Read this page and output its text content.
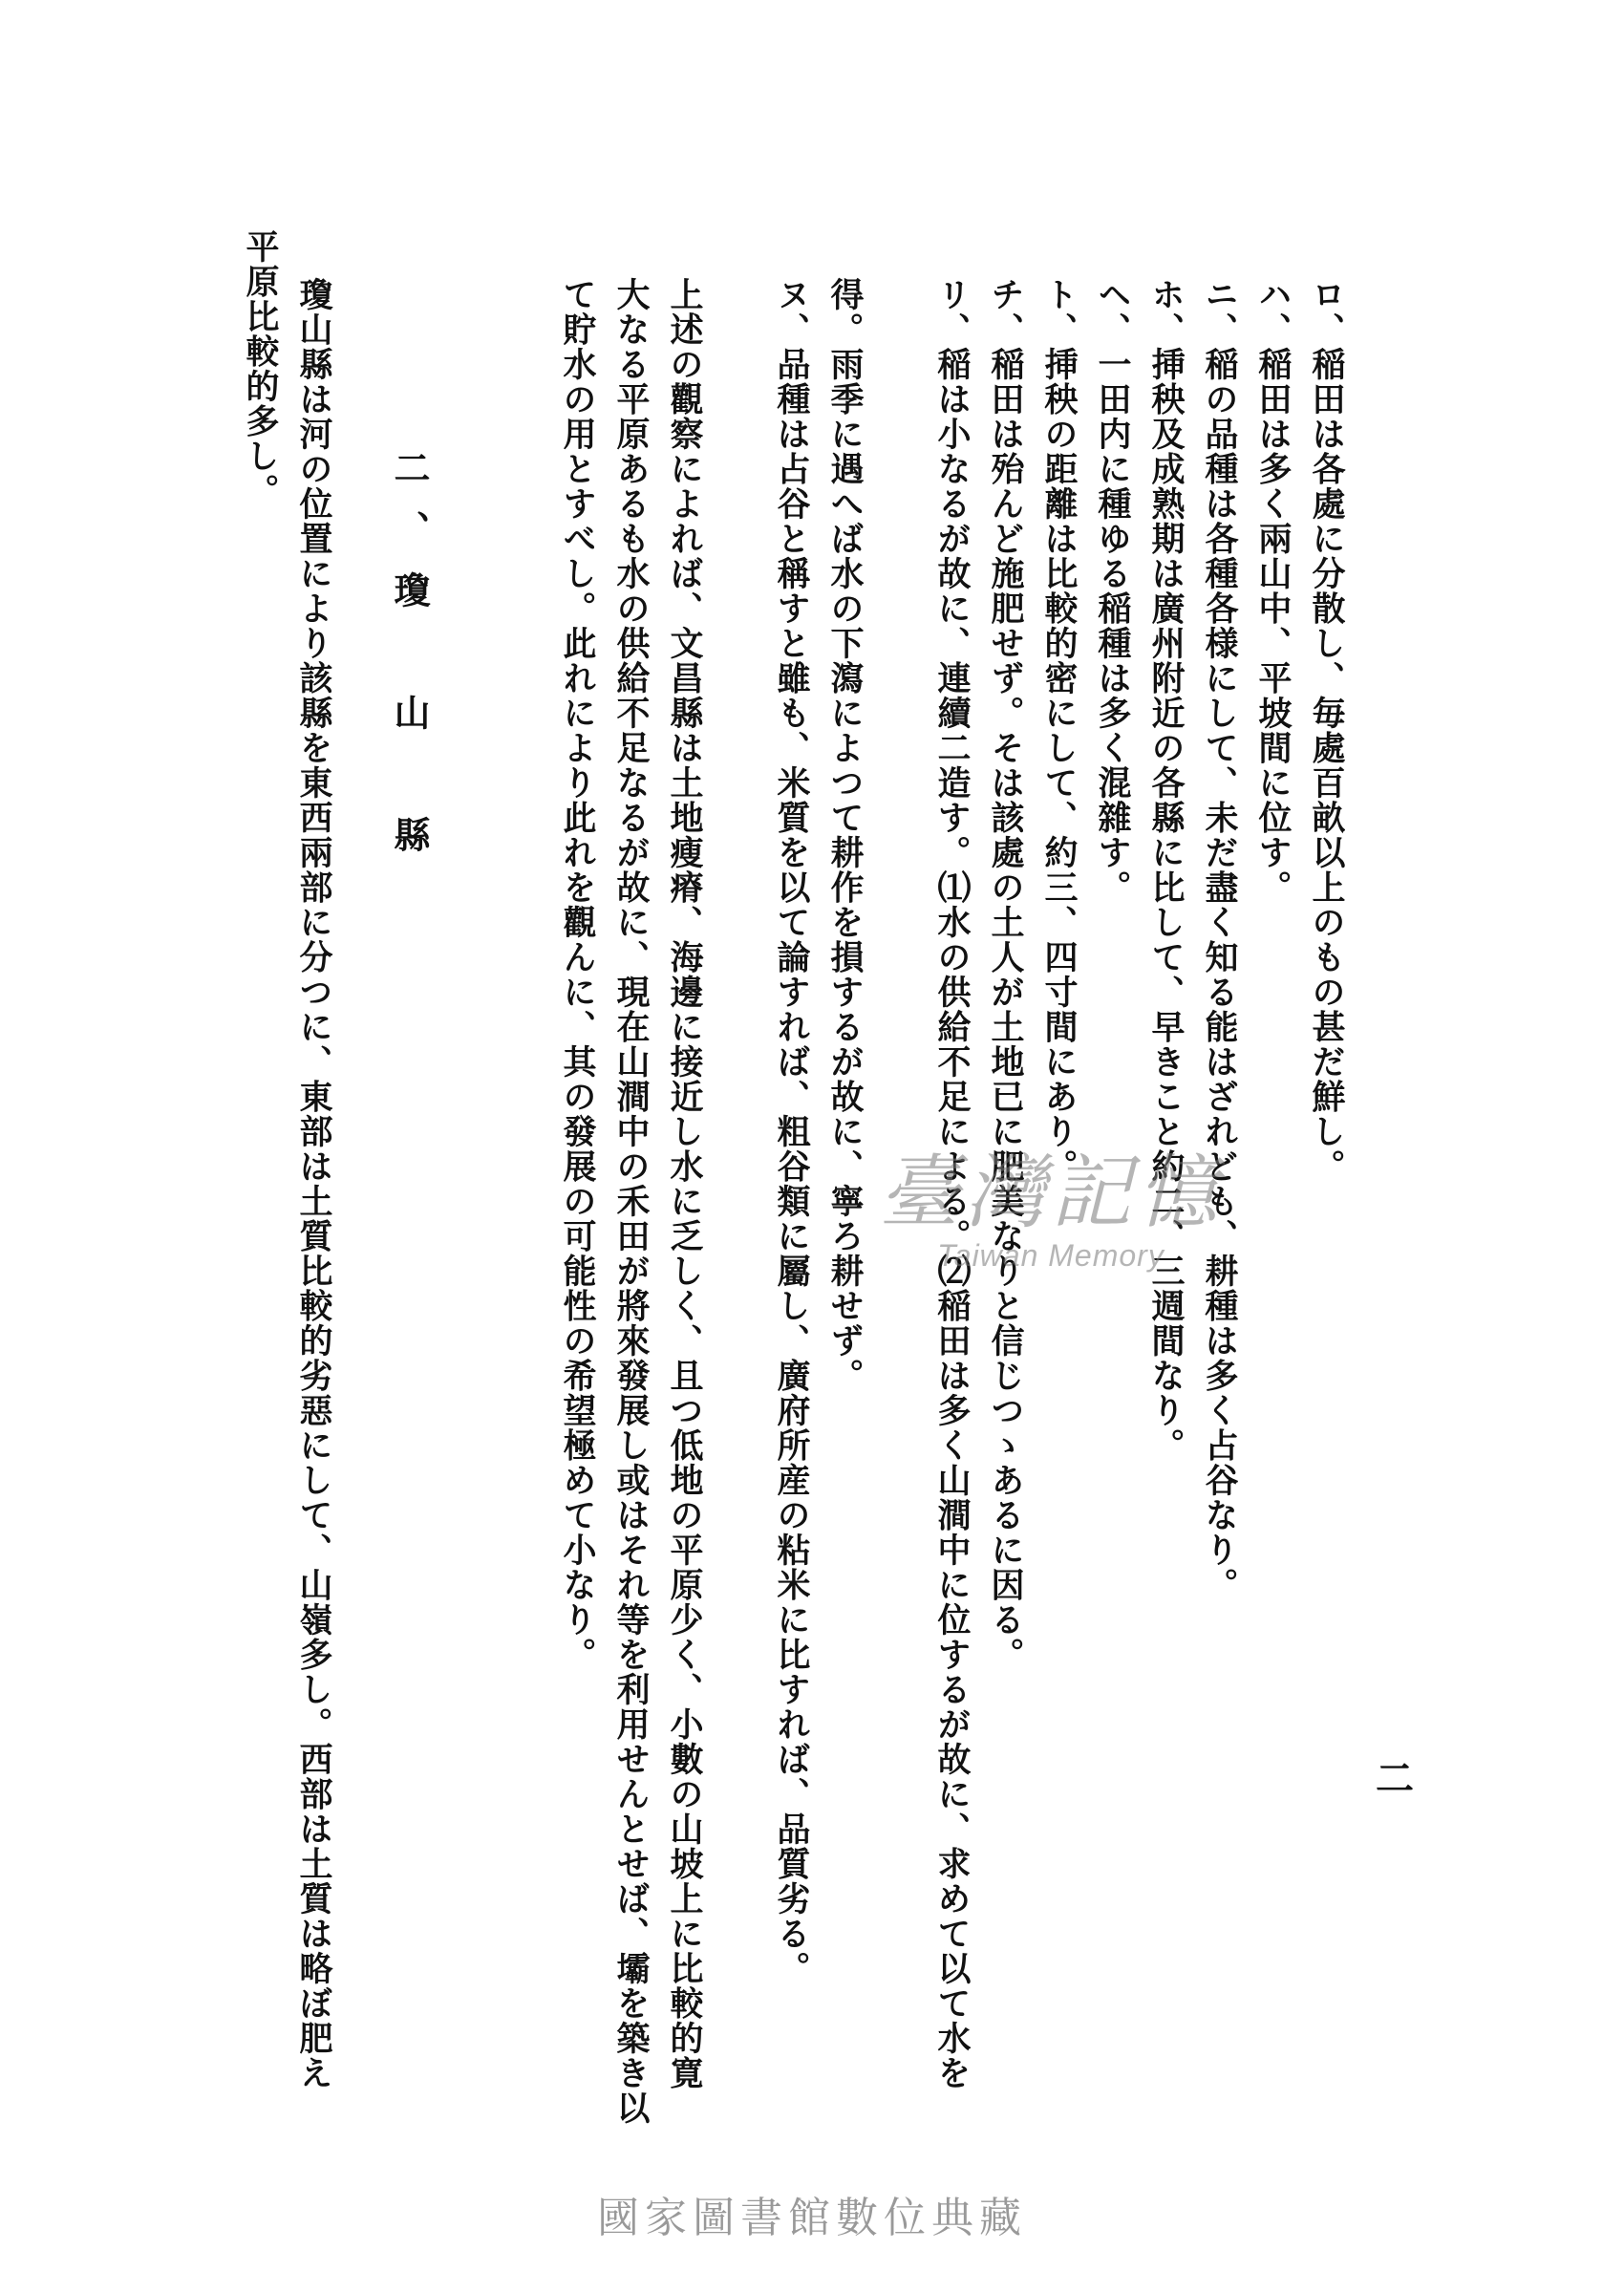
二
ロ、稲田は各處に分散し、毎處百畝以上のもの甚だ鮮し。
ハ、稲田は多く兩山中、平坡間に位す。
ニ、稲の品種は各種各様にして、未だ盡く知る能はざれども、耕種は多く占谷なり。
ホ、挿秧及成熟期は廣州附近の各縣に比して、早きこと約二、三週間なり。
ヘ、一田内に種ゆる稲種は多く混雜す。
ト、挿秧の距離は比較的密にして、約三、四寸間にあり。
チ、稲田は殆んど施肥せず。そは該處の土人が土地已に肥美なりと信じつゝあるに因る。
リ、稲は小なるが故に、連續二造す。⑴水の供給不足による。⑵稲田は多く山澗中に位するが故に、求めて以て水を
得。雨季に遇へば水の下瀉によつて耕作を損するが故に、寧ろ耕せず。
ヌ、品種は占谷と稱すと雖も、米質を以て論すれば、粗谷類に屬し、廣府所産の粘米に比すれば、品質劣る。
上述の觀察によれば、文昌縣は土地瘦瘠、海邊に接近し水に乏しく、且つ低地の平原少く、小數の山坡上に比較的寛
大なる平原あるも水の供給不足なるが故に、現在山澗中の禾田が將來發展し或はそれ等を利用せんとせば、壩を築き以
て貯水の用とすべし。此れにより此れを觀んに、其の發展の可能性の希望極めて小なり。
二、瓊　山　縣
瓊山縣は河の位置により該縣を東西兩部に分つに、東部は土質比較的劣惡にして、山嶺多し。西部は土質は略ぼ肥え
平原比較的多し。
臺灣記憶
Taiwan Memory
國家圖書館數位典藏
